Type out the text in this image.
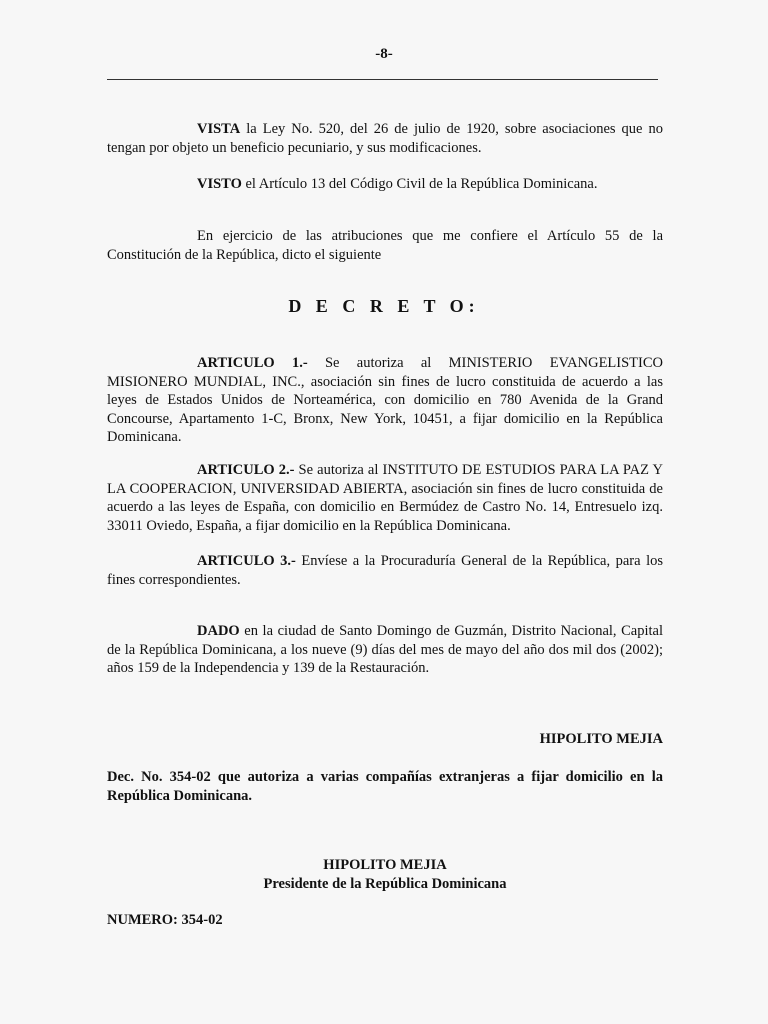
-8-
VISTA la Ley No. 520, del 26 de julio de 1920, sobre asociaciones que no tengan por objeto un beneficio pecuniario, y sus modificaciones.
VISTO el Artículo 13 del Código Civil de la República Dominicana.
En ejercicio de las atribuciones que me confiere el Artículo 55 de la Constitución de la República, dicto el siguiente
D E C R E T O:
ARTICULO 1.- Se autoriza al MINISTERIO EVANGELISTICO MISIONERO MUNDIAL, INC., asociación sin fines de lucro constituida de acuerdo a las leyes de Estados Unidos de Norteamérica, con domicilio en 780 Avenida de la Grand Concourse, Apartamento 1-C, Bronx, New York, 10451, a fijar domicilio en la República Dominicana.
ARTICULO 2.- Se autoriza al INSTITUTO DE ESTUDIOS PARA LA PAZ Y LA COOPERACION, UNIVERSIDAD ABIERTA, asociación sin fines de lucro constituida de acuerdo a las leyes de España, con domicilio en Bermúdez de Castro No. 14, Entresuelo izq. 33011 Oviedo, España, a fijar domicilio en la República Dominicana.
ARTICULO 3.- Envíese a la Procuraduría General de la República, para los fines correspondientes.
DADO en la ciudad de Santo Domingo de Guzmán, Distrito Nacional, Capital de la República Dominicana, a los nueve (9) días del mes de mayo del año dos mil dos (2002); años 159 de la Independencia y 139 de la Restauración.
HIPOLITO MEJIA
Dec. No. 354-02 que autoriza a varias compañías extranjeras a fijar domicilio en la República Dominicana.
HIPOLITO MEJIA
Presidente de la República Dominicana
NUMERO: 354-02
